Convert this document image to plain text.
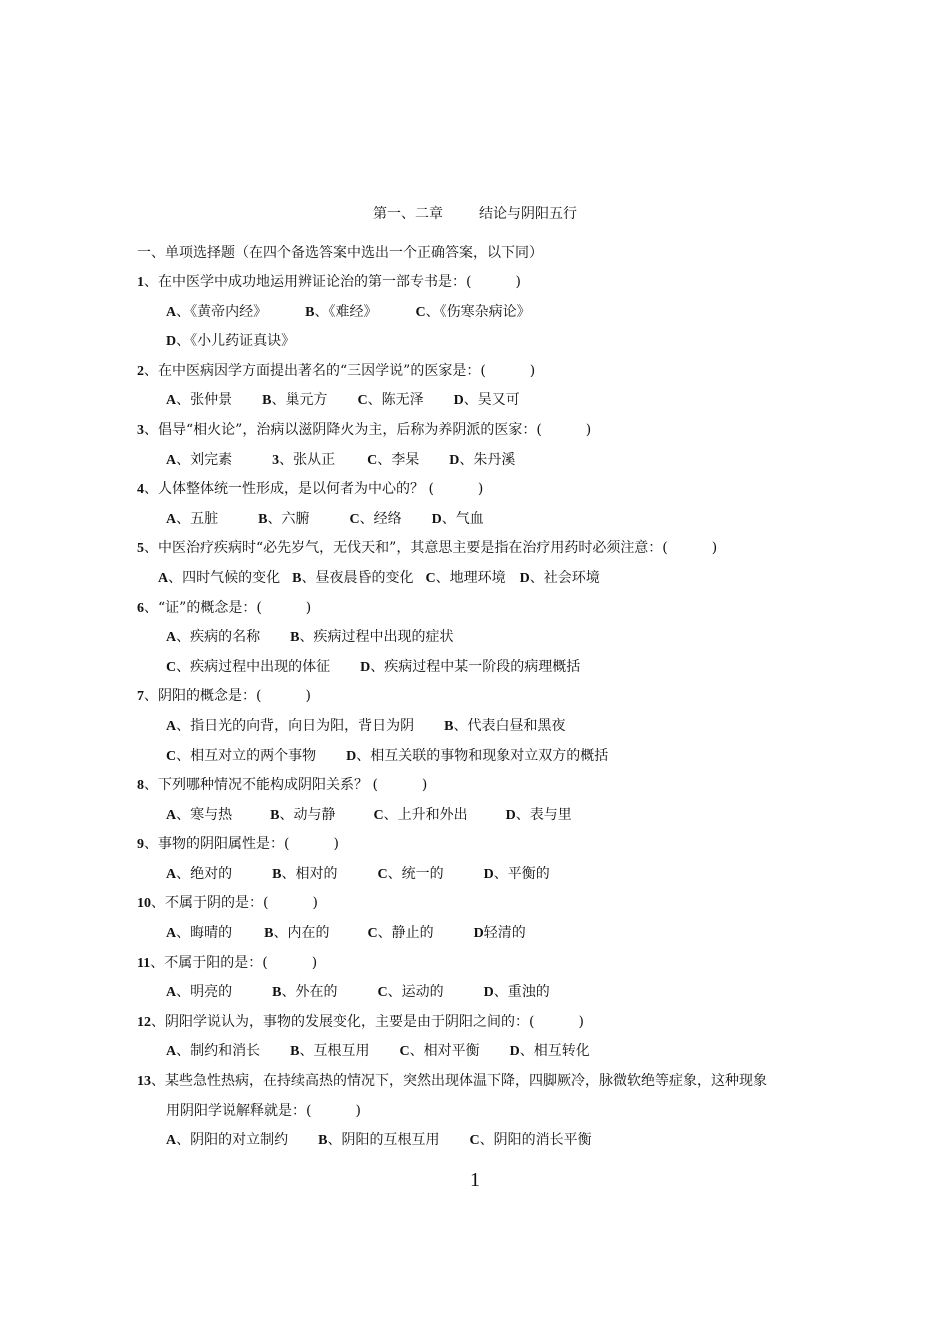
第一、二章	结论与阴阳五行
一、单项选择题（在四个备选答案中选出一个正确答案，以下同）
1、在中医学中成功地运用辨证论治的第一部专书是：(	)
A、《黄帝内经》	B、《难经》	C、《伤寒杂病论》
D、《小儿药证真诀》
2、在中医病因学方面提出著名的“三因学说”的医家是：(	)
A、张仲景 B、巢元方 C、陈无泽 D、吴又可
3、倡导“相火论”，治病以滋阴降火为主，后称为养阴派的医家：(	)
A、刘完素	3、张从正 C、李杲 D、朱丹溪
4、人体整体统一性形成，是以何者为中心的？ (	)
A、五脏	B、六腑	C、经络 D、气血
5、中医治疗疾病时“必先岁气，无伐天和”，其意思主要是指在治疗用药时必须注意：(	)
A、四时气候的变化 B、昼夜晨昏的变化 C、地理环境 D、社会环境
6、“证”的概念是：(	)
A、疾病的名称 B、疾病过程中出现的症状
C、疾病过程中出现的体征 D、疾病过程中某一阶段的病理概括
7、阴阳的概念是：(	)
A、指日光的向背，向日为阳，背日为阴 B、代表白昼和黑夜
C、相互对立的两个事物 D、相互关联的事物和现象对立双方的概括
8、下列哪种情况不能构成阴阳关系？ (	)
A、寒与热	B、动与静	C、上升和外出	D、表与里
9、事物的阴阳属性是：(	)
A、绝对的	B、相对的	C、统一的	D、平衡的
10、不属于阴的是：(	)
A、晦晴的 B、内在的	C、静止的	D轻清的
11、不属于阳的是：(	)
A、明亮的	B、外在的	C、运动的	D、重浊的
12、阴阳学说认为，事物的发展变化，主要是由于阴阳之间的：(	)
A、制约和消长 B、互根互用 C、相对平衡 D、相互转化
13、某些急性热病，在持续高热的情况下，突然出现体温下降，四脚厥冷，脉微软绝等症象，这种现象
用阴阳学说解释就是：(	)
A、阴阳的对立制约 B、阴阳的互根互用 C、阴阳的消长平衡
1
